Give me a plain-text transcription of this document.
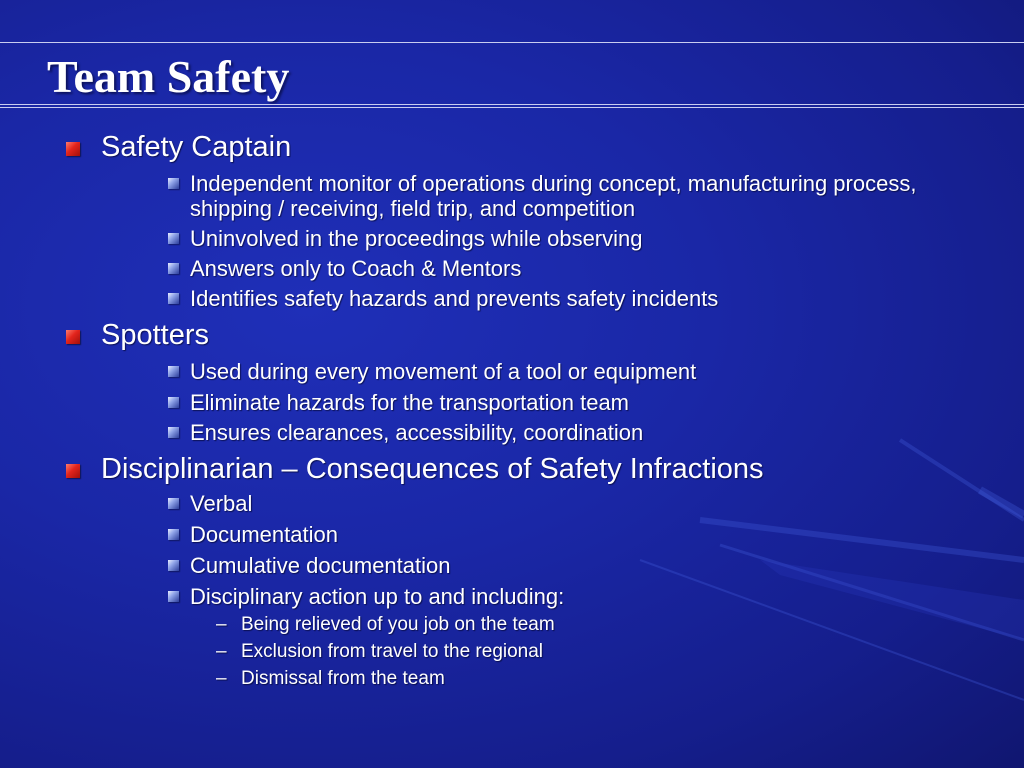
Team Safety
Safety Captain
Independent monitor of operations during concept, manufacturing process, shipping / receiving, field trip, and competition
Uninvolved in the proceedings while observing
Answers only to Coach & Mentors
Identifies safety hazards and prevents safety incidents
Spotters
Used during every movement of a tool or equipment
Eliminate hazards for the transportation team
Ensures clearances, accessibility, coordination
Disciplinarian – Consequences of Safety Infractions
Verbal
Documentation
Cumulative documentation
Disciplinary action up to and including:
– Being relieved of you job on the team
– Exclusion from travel to the regional
– Dismissal from the team
